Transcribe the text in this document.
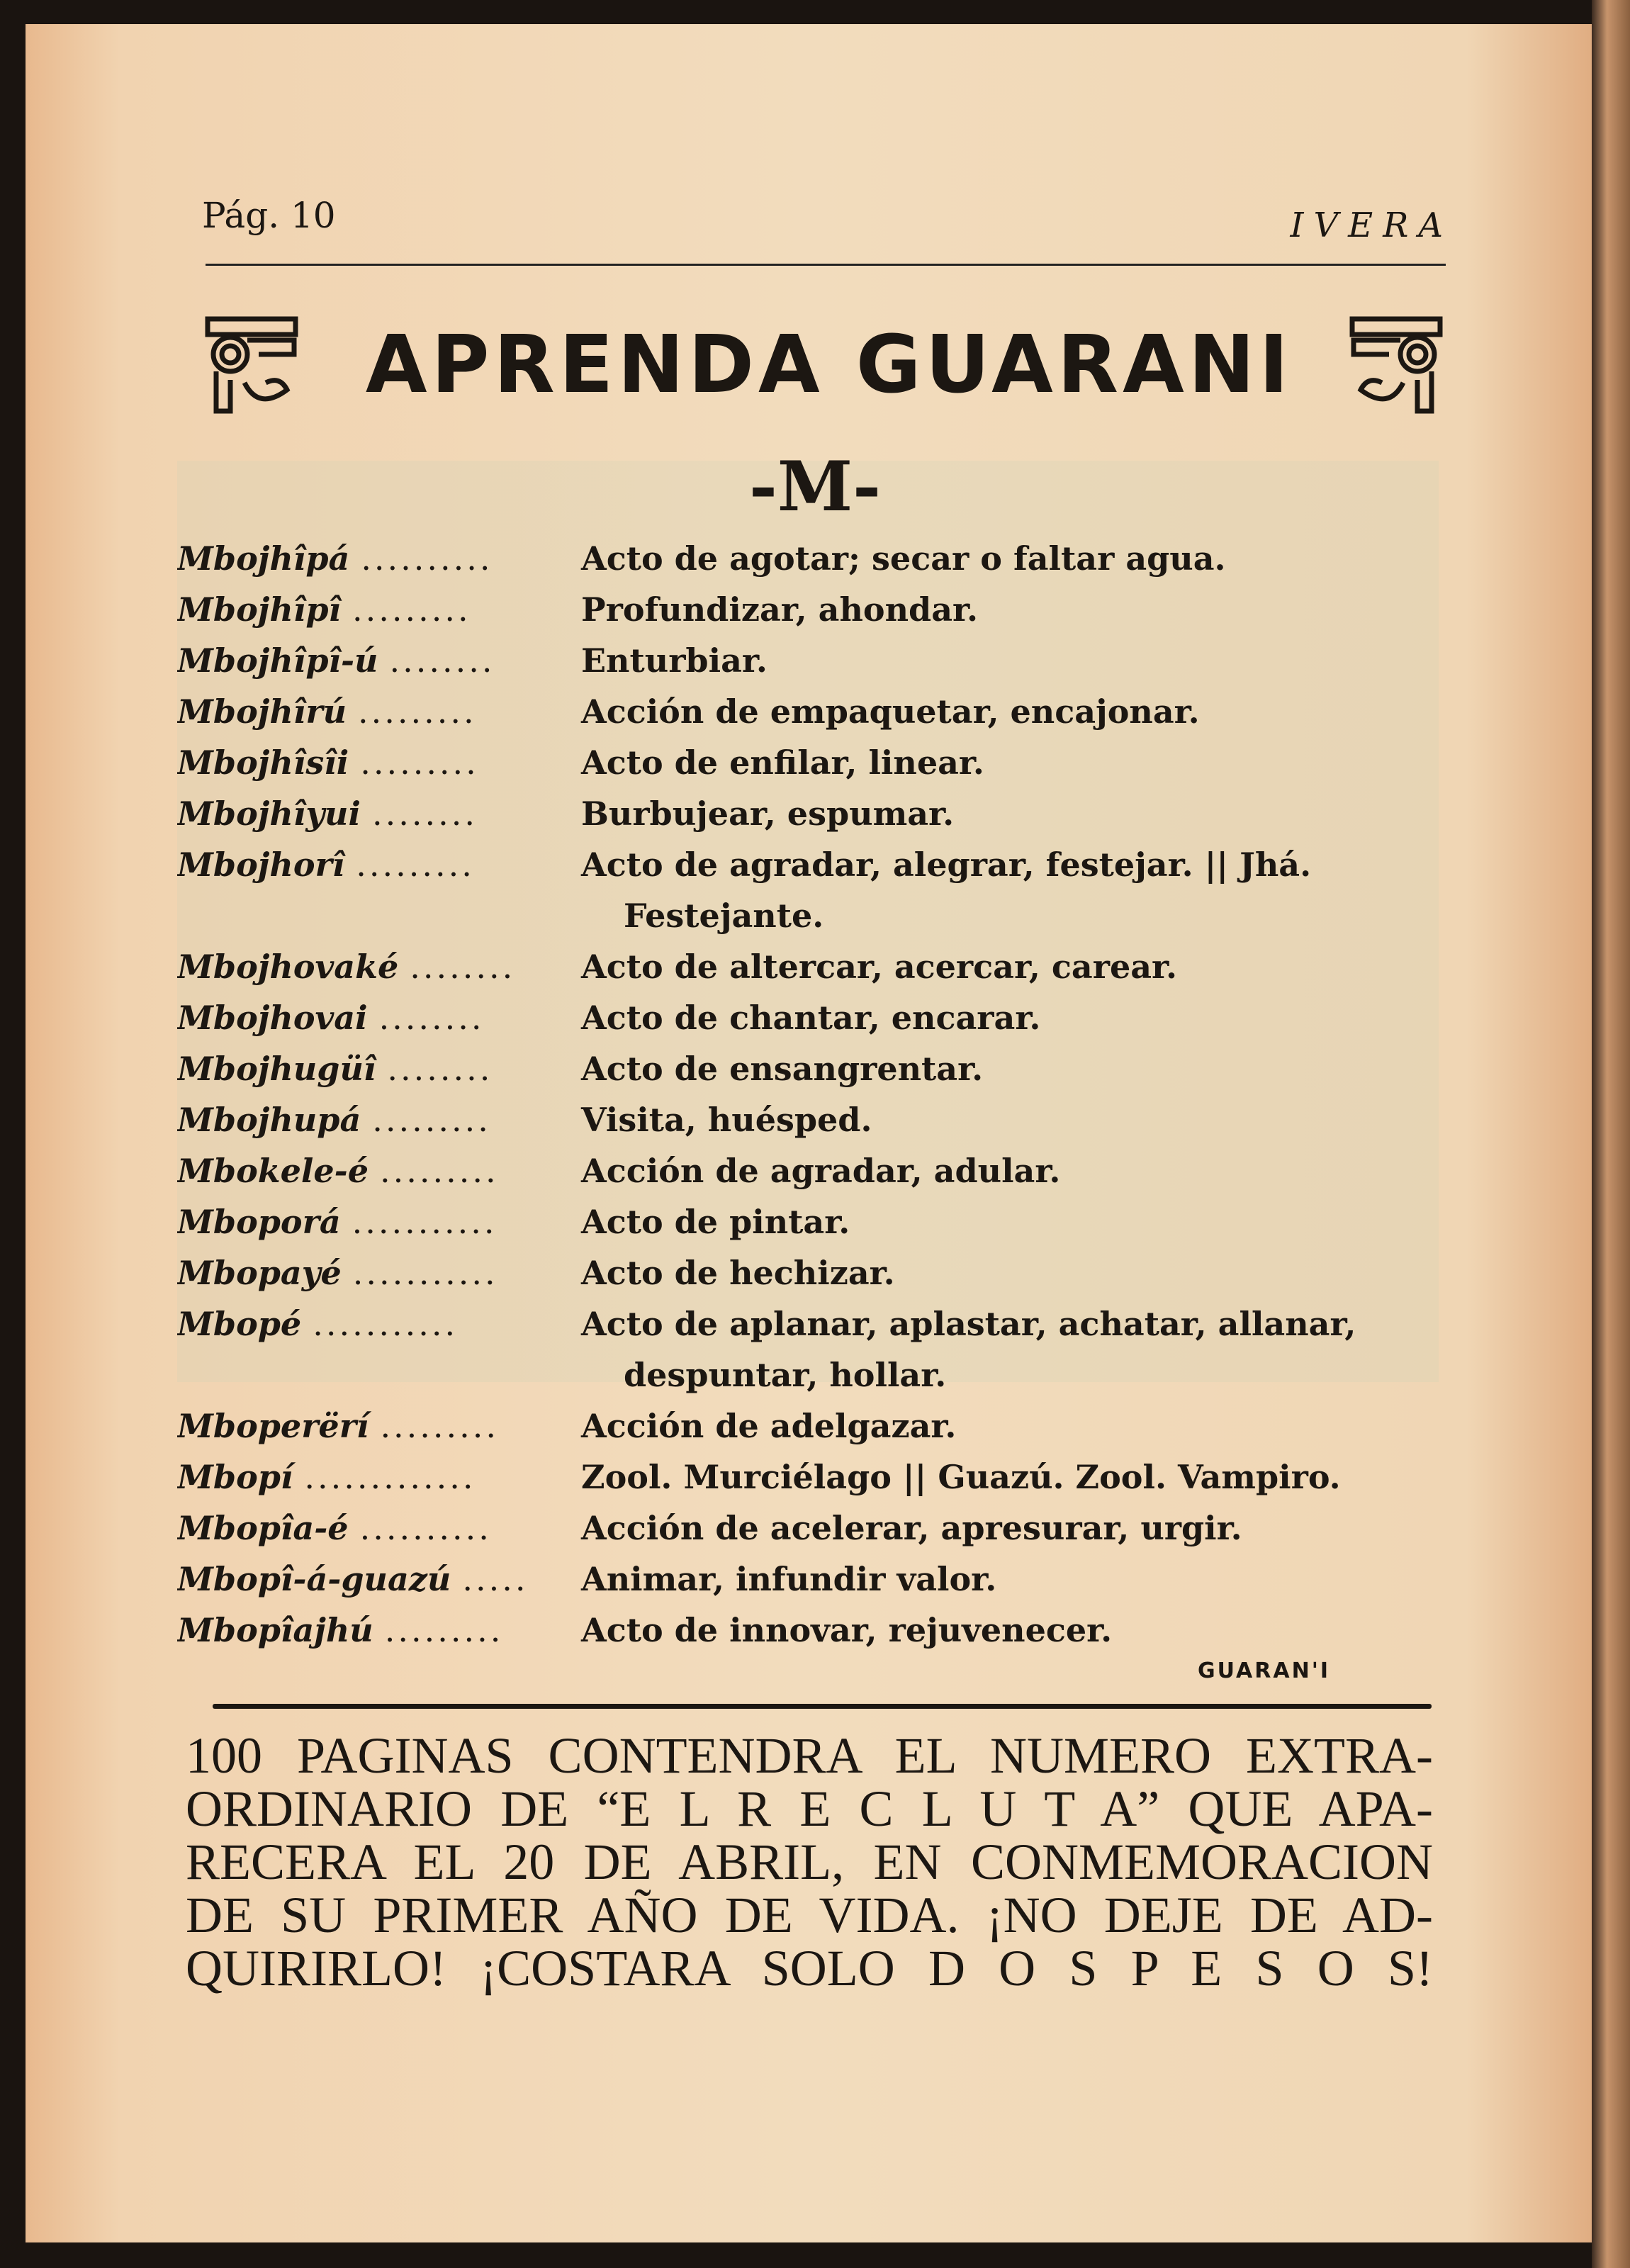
Pág. 10	IVERA
APRENDA GUARANI
-M-
Mbojhîpá ..........	Acto de agotar; secar o faltar agua.
Mbojhîpî .........	Profundizar, ahondar.
Mbojhîpî-ú ........	Enturbiar.
Mbojhîrú .........	Acción de empaquetar, encajonar.
Mbojhîsîi .........	Acto de enfilar, linear.
Mbojhîyui ........	Burbujear, espumar.
Mbojhorî .........	Acto de agradar, alegrar, festejar. || Jhá.
Festejante.
Mbojhovaké ........	Acto de altercar, acercar, carear.
Mbojhovai ........	Acto de chantar, encarar.
Mbojhugüî ........	Acto de ensangrentar.
Mbojhupá .........	Visita, huésped.
Mbokele-é .........	Acción de agradar, adular.
Mboporá ...........	Acto de pintar.
Mbopayé ...........	Acto de hechizar.
Mbopé ...........	Acto de aplanar, aplastar, achatar, allanar,
despuntar, hollar.
Mboperërí .........	Acción de adelgazar.
Mbopí .............	Zool. Murciélago || Guazú. Zool. Vampiro.
Mbopîa-é ..........	Acción de acelerar, apresurar, urgir.
Mbopî-á-guazú .....	Animar, infundir valor.
Mbopîajhú .........	Acto de innovar, rejuvenecer.
GUARAN'I
100 PAGINAS CONTENDRA EL NUMERO EXTRA-
ORDINARIO DE “E L R E C L U T A” QUE APA-
RECERA EL 20 DE ABRIL, EN CONMEMORACION
DE SU PRIMER AÑO DE VIDA. ¡NO DEJE DE AD-
QUIRIRLO! ¡COSTARA SOLO D O S P E S O S!
